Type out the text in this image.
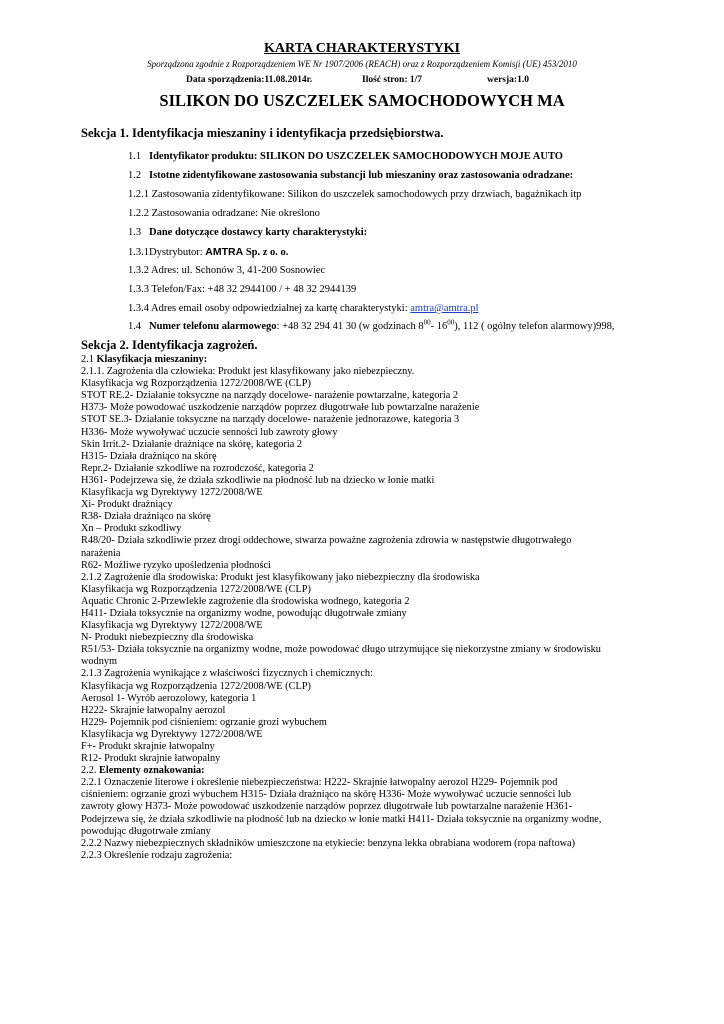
KARTA CHARAKTERYSTYKI
Sporządzona zgodnie z Rozporządzeniem WE Nr 1907/2006 (REACH) oraz z Rozporządzeniem Komisji (UE) 453/2010
Data sporządzenia:11.08.2014r.	Ilość stron: 1/7	wersja:1.0
SILIKON DO USZCZELEK SAMOCHODOWYCH MA
Sekcja 1. Identyfikacja mieszaniny i identyfikacja przedsiębiorstwa.
1.1 Identyfikator produktu: SILIKON DO USZCZELEK SAMOCHODOWYCH MOJE AUTO
1.2 Istotne zidentyfikowane zastosowania substancji lub mieszaniny oraz zastosowania odradzane:
1.2.1 Zastosowania zidentyfikowane: Silikon do uszczelek samochodowych przy drzwiach, bagażnikach itp
1.2.2 Zastosowania odradzane: Nie określono
1.3 Dane dotyczące dostawcy karty charakterystyki:
1.3.1Dystrybutor: AMTRA Sp. z o. o.
1.3.2 Adres: ul. Schonów 3, 41-200 Sosnowiec
1.3.3 Telefon/Fax: +48 32 2944100 / + 48 32 2944139
1.3.4 Adres email osoby odpowiedzialnej za kartę charakterystyki: amtra@amtra.pl
1.4 Numer telefonu alarmowego: +48 32 294 41 30 (w godzinach $8^{00}-$ $16^{00}$), 112 ( ogólny telefon alarmowy)998,
Sekcja 2. Identyfikacja zagrożeń.
2.1 Klasyfikacja mieszaniny:
2.1.1. Zagrożenia dla człowieka: Produkt jest klasyfikowany jako niebezpieczny.
Klasyfikacja wg Rozporządzenia 1272/2008/WE (CLP)
STOT RE.2- Działanie toksyczne na narządy docelowe- narażenie powtarzalne, kategoria 2
H373- Może powodować uszkodzenie narządów poprzez długotrwałe lub powtarzalne narażenie
STOT SE.3- Działanie toksyczne na narządy docelowe- narażenie jednorazowe, kategoria 3
H336- Może wywoływać uczucie senności lub zawroty głowy
Skin Irrit.2- Działanie drażniące na skórę, kategoria 2
H315- Działa drażniąco na skórę
Repr.2- Działanie szkodliwe na rozrodczość, kategoria 2
H361- Podejrzewa się, że działa szkodliwie na płodność lub na dziecko w łonie matki
Klasyfikacja wg Dyrektywy 1272/2008/WE
Xi- Produkt drażniący
R38- Działa drażniąco na skórę
Xn – Produkt szkodliwy
R48/20- Działa szkodliwie przez drogi oddechowe, stwarza poważne zagrożenia zdrowia w następstwie długotrwałego
narażenia
R62- Możliwe ryzyko upośledzenia płodności
2.1.2 Zagrożenie dla środowiska: Produkt jest klasyfikowany jako niebezpieczny dla środowiska
Klasyfikacja wg Rozporządzenia 1272/2008/WE (CLP)
Aquatic Chronic 2-Przewlekłe zagrożenie dla środowiska wodnego, kategoria 2
H411- Działa toksycznie na organizmy wodne, powodując długotrwałe zmiany
Klasyfikacja wg Dyrektywy 1272/2008/WE
N- Produkt niebezpieczny dla środowiska
R51/53- Działa toksycznie na organizmy wodne, może powodować długo utrzymujące się niekorzystne zmiany w środowisku
wodnym
2.1.3 Zagrożenia wynikające z właściwości fizycznych i chemicznych:
Klasyfikacja wg Rozporządzenia 1272/2008/WE (CLP)
Aerosol 1- Wyrób aerozolowy, kategoria 1
H222- Skrajnie łatwopalny aerozol
H229- Pojemnik pod ciśnieniem: ogrzanie grozi wybuchem
Klasyfikacja wg Dyrektywy 1272/2008/WE
F+- Produkt skrajnie łatwopalny
R12- Produkt skrajnie łatwopalny
2.2. Elementy oznakowania:
2.2.1 Oznaczenie literowe i określenie niebezpieczeństwa: H222- Skrajnie łatwopalny aerozol H229- Pojemnik pod
ciśnieniem: ogrzanie grozi wybuchem H315- Działa drażniąco na skórę H336- Może wywoływać uczucie senności lub
zawroty głowy H373- Może powodować uszkodzenie narządów poprzez długotrwałe lub powtarzalne narażenie H361-
Podejrzewa się, że działa szkodliwie na płodność lub na dziecko w łonie matki H411- Działa toksycznie na organizmy wodne,
powodując długotrwałe zmiany
2.2.2 Nazwy niebezpiecznych składników umieszczone na etykiecie: benzyna lekka obrabiana wodorem (ropa naftowa)
2.2.3 Określenie rodzaju zagrożenia:
